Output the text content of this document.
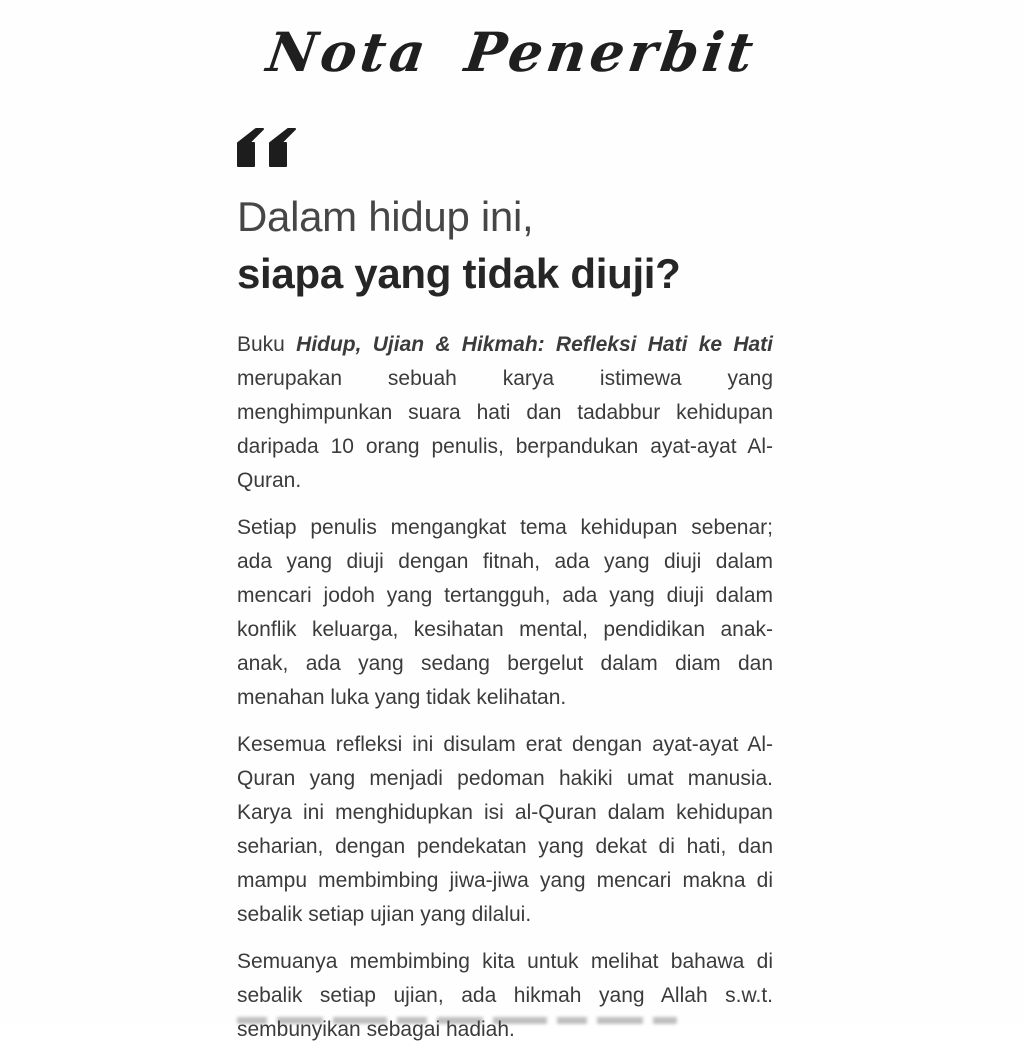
Nota Penerbit
Dalam hidup ini,
siapa yang tidak diuji?

Buku Hidup, Ujian & Hikmah: Refleksi Hati ke Hati merupakan sebuah karya istimewa yang menghimpunkan suara hati dan tadabbur kehidupan daripada 10 orang penulis, berpandukan ayat-ayat Al-Quran.

Setiap penulis mengangkat tema kehidupan sebenar; ada yang diuji dengan fitnah, ada yang diuji dalam mencari jodoh yang tertangguh, ada yang diuji dalam konflik keluarga, kesihatan mental, pendidikan anak-anak, ada yang sedang bergelut dalam diam dan menahan luka yang tidak kelihatan.

Kesemua refleksi ini disulam erat dengan ayat-ayat Al-Quran yang menjadi pedoman hakiki umat manusia. Karya ini menghidupkan isi al-Quran dalam kehidupan seharian, dengan pendekatan yang dekat di hati, dan mampu membimbing jiwa-jiwa yang mencari makna di sebalik setiap ujian yang dilalui.

Semuanya membimbing kita untuk melihat bahawa di sebalik setiap ujian, ada hikmah yang Allah s.w.t. sembunyikan sebagai hadiah.
